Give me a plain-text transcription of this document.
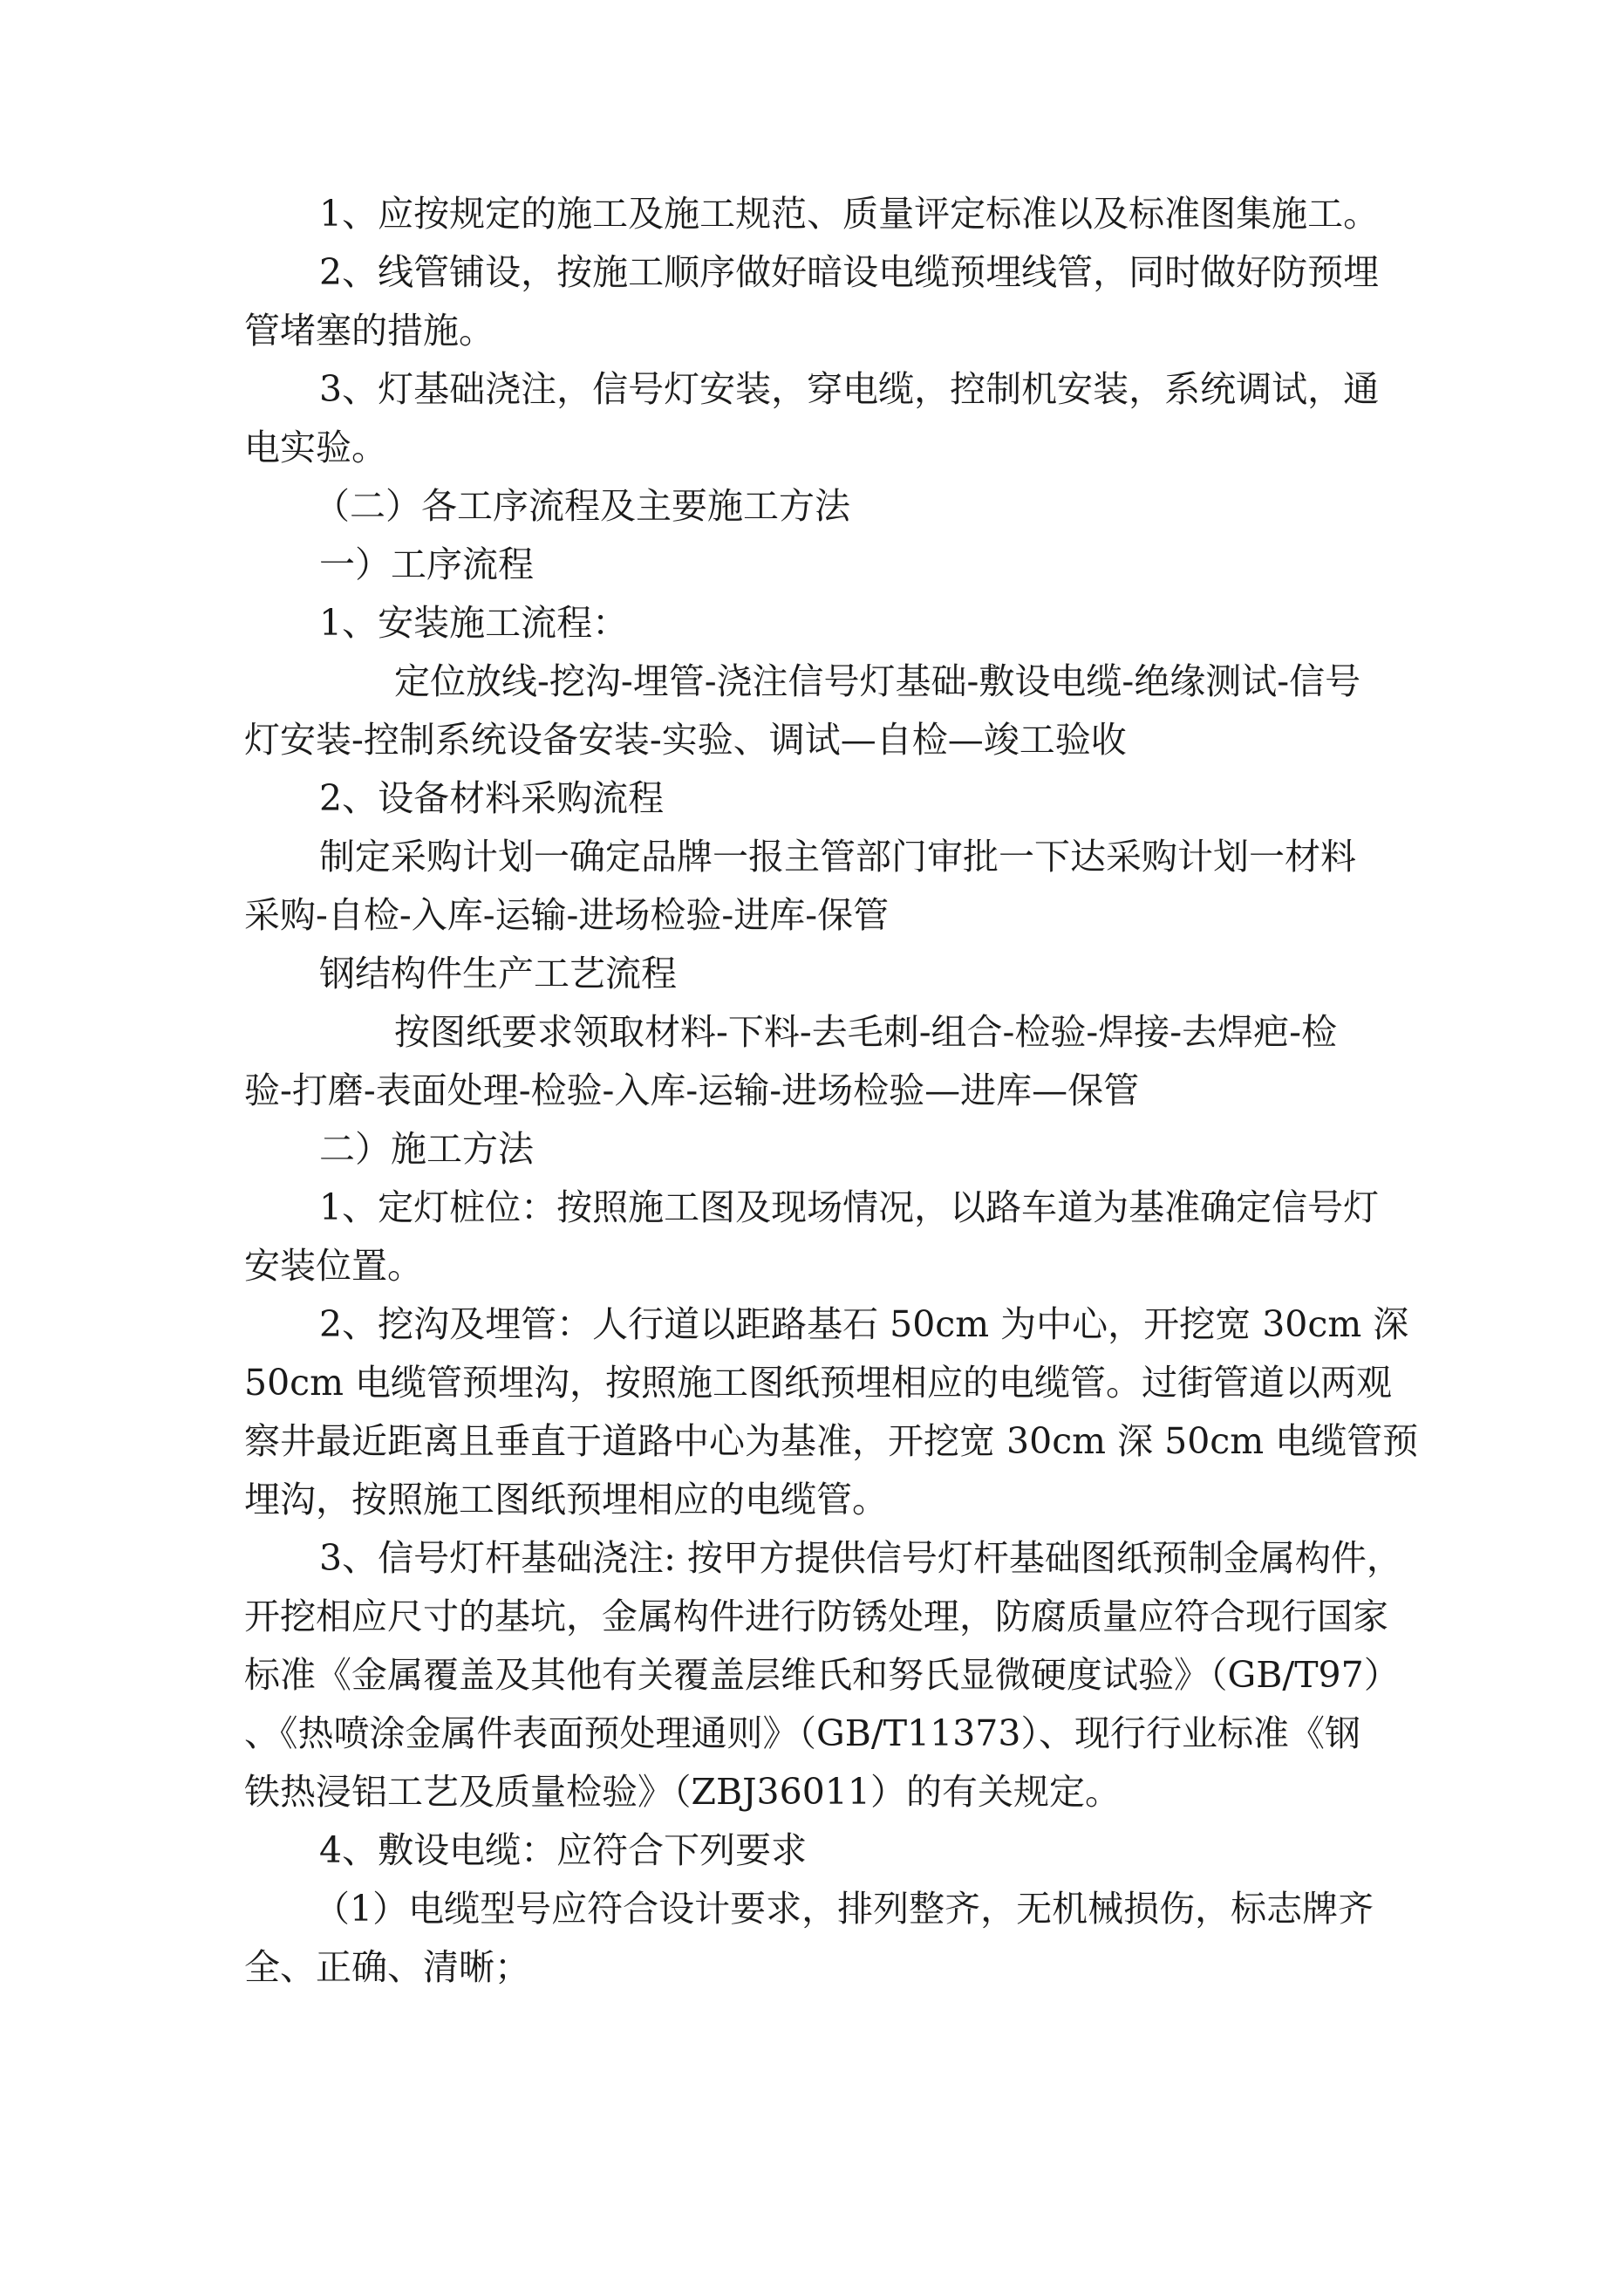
1、应按规定的施工及施工规范、质量评定标准以及标准图集施工。
2、线管铺设，按施工顺序做好暗设电缆预埋线管，同时做好防预埋
管堵塞的措施。
3、灯基础浇注，信号灯安装，穿电缆，控制机安装，系统调试，通
电实验。
（二）各工序流程及主要施工方法
一）工序流程
1、安装施工流程：
定位放线-挖沟-埋管-浇注信号灯基础-敷设电缆-绝缘测试-信号
灯安装-控制系统设备安装-实验、调试—自检—竣工验收
2、设备材料采购流程
制定采购计划一确定品牌一报主管部门审批一下达采购计划一材料
采购-自检-入库-运输-进场检验-进库-保管
钢结构件生产工艺流程
按图纸要求领取材料-下料-去毛刺-组合-检验-焊接-去焊疤-检
验-打磨-表面处理-检验-入库-运输-进场检验—进库—保管
二）施工方法
1、定灯桩位：按照施工图及现场情况，以路车道为基准确定信号灯
安装位置。
2、挖沟及埋管：人行道以距路基石 50cm 为中心，开挖宽 30cm 深
50cm 电缆管预埋沟，按照施工图纸预埋相应的电缆管。过街管道以两观
察井最近距离且垂直于道路中心为基准，开挖宽 30cm 深 50cm 电缆管预
埋沟，按照施工图纸预埋相应的电缆管。
3、信号灯杆基础浇注: 按甲方提供信号灯杆基础图纸预制金属构件，
开挖相应尺寸的基坑，金属构件进行防锈处理，防腐质量应符合现行国家
标准《金属覆盖及其他有关覆盖层维氏和努氏显微硬度试验》（GB/T97）
、《热喷涂金属件表面预处理通则》（GB/T11373）、现行行业标准《钢
铁热浸铝工艺及质量检验》（ZBJ36011）的有关规定。
4、敷设电缆：应符合下列要求
（1）电缆型号应符合设计要求，排列整齐，无机械损伤，标志牌齐
全、正确、清晰；
